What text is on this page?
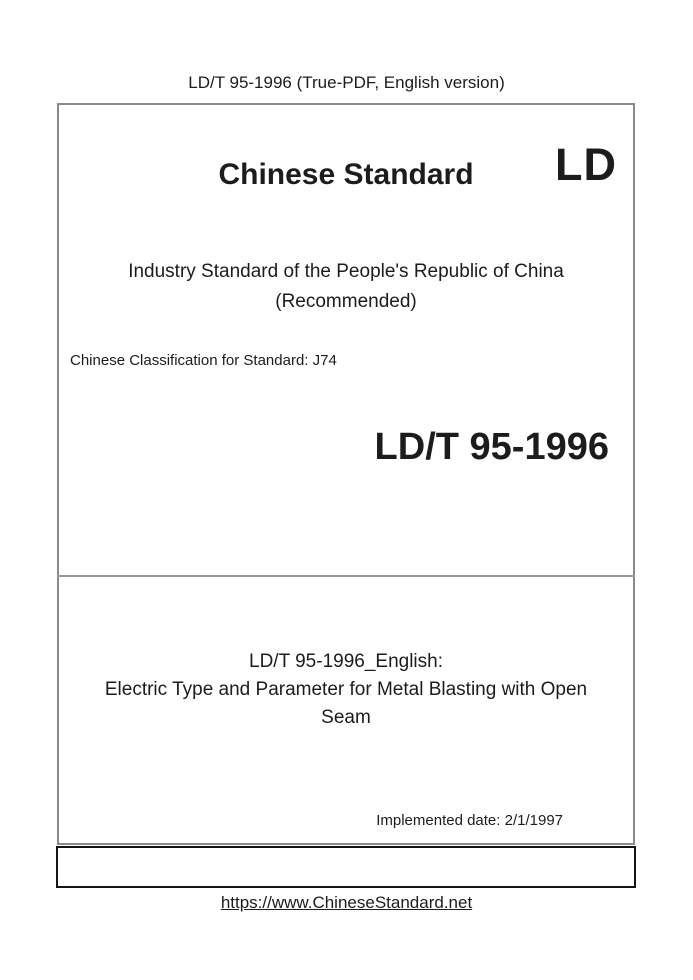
LD/T 95-1996 (True-PDF, English version)
Chinese Standard LD
Industry Standard of the People's Republic of China
(Recommended)
Chinese Classification for Standard: J74
LD/T 95-1996
LD/T 95-1996_English:
Electric Type and Parameter for Metal Blasting with Open
Seam
Implemented date: 2/1/1997
https://www.ChineseStandard.net
